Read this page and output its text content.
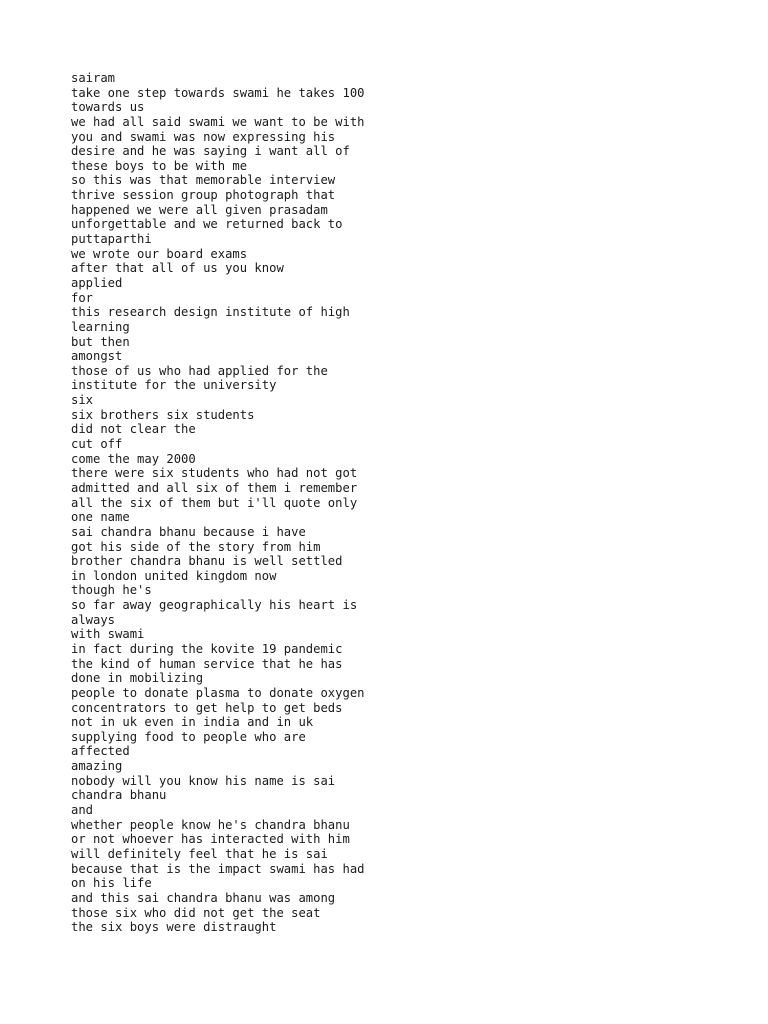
sairam
take one step towards swami he takes 100
towards us
we had all said swami we want to be with
you and swami was now expressing his
desire and he was saying i want all of
these boys to be with me
so this was that memorable interview
thrive session group photograph that
happened we were all given prasadam
unforgettable and we returned back to
puttaparthi
we wrote our board exams
after that all of us you know
applied
for
this research design institute of high
learning
but then
amongst
those of us who had applied for the
institute for the university
six
six brothers six students
did not clear the
cut off
come the may 2000
there were six students who had not got
admitted and all six of them i remember
all the six of them but i'll quote only
one name
sai chandra bhanu because i have
got his side of the story from him
brother chandra bhanu is well settled
in london united kingdom now
though he's
so far away geographically his heart is
always
with swami
in fact during the kovite 19 pandemic
the kind of human service that he has
done in mobilizing
people to donate plasma to donate oxygen
concentrators to get help to get beds
not in uk even in india and in uk
supplying food to people who are
affected
amazing
nobody will you know his name is sai
chandra bhanu
and
whether people know he's chandra bhanu
or not whoever has interacted with him
will definitely feel that he is sai
because that is the impact swami has had
on his life
and this sai chandra bhanu was among
those six who did not get the seat
the six boys were distraught
